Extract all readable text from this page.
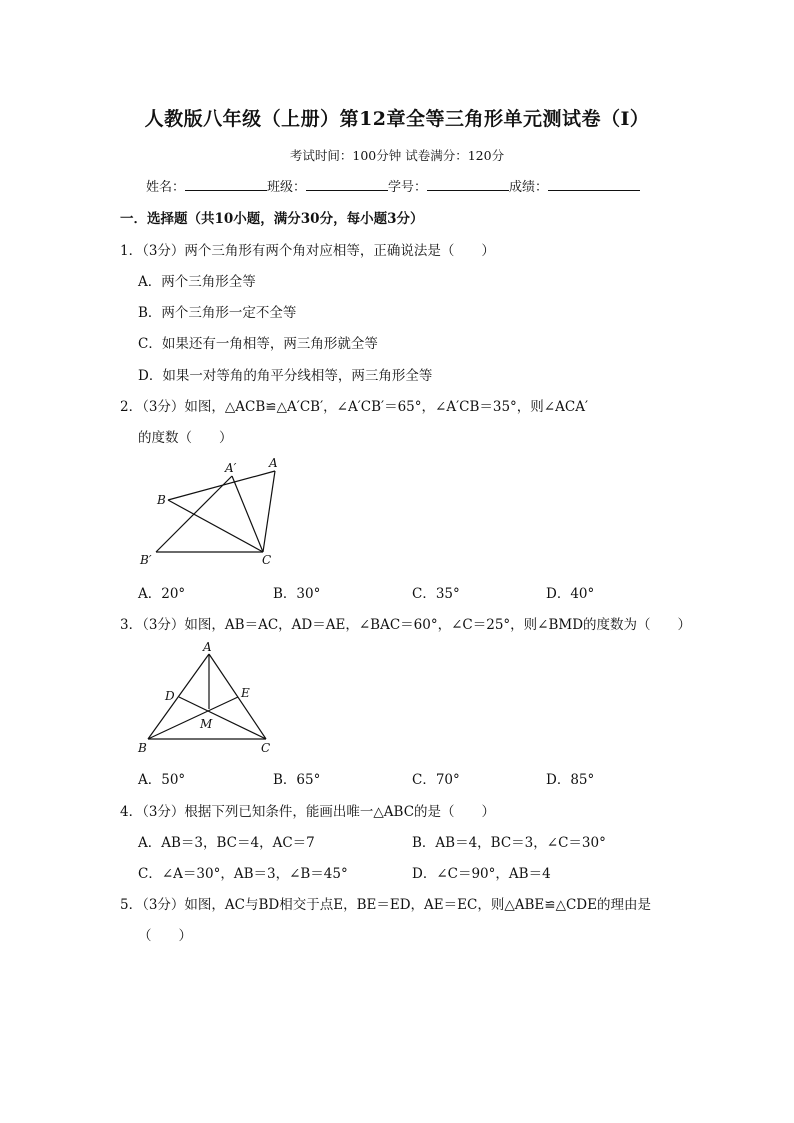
人教版八年级（上册）第12章全等三角形单元测试卷（Ⅰ）
考试时间：100分钟 试卷满分：120分
姓名：	班级：	学号：	成绩：
一．选择题（共10小题，满分30分，每小题3分）
1．（3分）两个三角形有两个角对应相等，正确说法是（　　）
A．两个三角形全等
B．两个三角形一定不全等
C．如果还有一角相等，两三角形就全等
D．如果一对等角的角平分线相等，两三角形全等
2．（3分）如图，△ACB≌△A′CB′，∠A′CB′＝65°，∠A′CB＝35°，则∠ACA′
的度数（　　）
A′	A
B
B′	C
A．20°	B．30°	C．35°	D．40°
3．（3分）如图，AB＝AC，AD＝AE，∠BAC＝60°，∠C＝25°，则∠BMD的度数为（　　）
A
D	E
M
B	C
A．50°	B．65°	C．70°	D．85°
4．（3分）根据下列已知条件，能画出唯一△ABC的是（　　）
A．AB＝3，BC＝4，AC＝7	B．AB＝4，BC＝3，∠C＝30°
C．∠A＝30°，AB＝3，∠B＝45°	D．∠C＝90°，AB＝4
5．（3分）如图，AC与BD相交于点E，BE＝ED，AE＝EC，则△ABE≌△CDE的理由是
（　　）
